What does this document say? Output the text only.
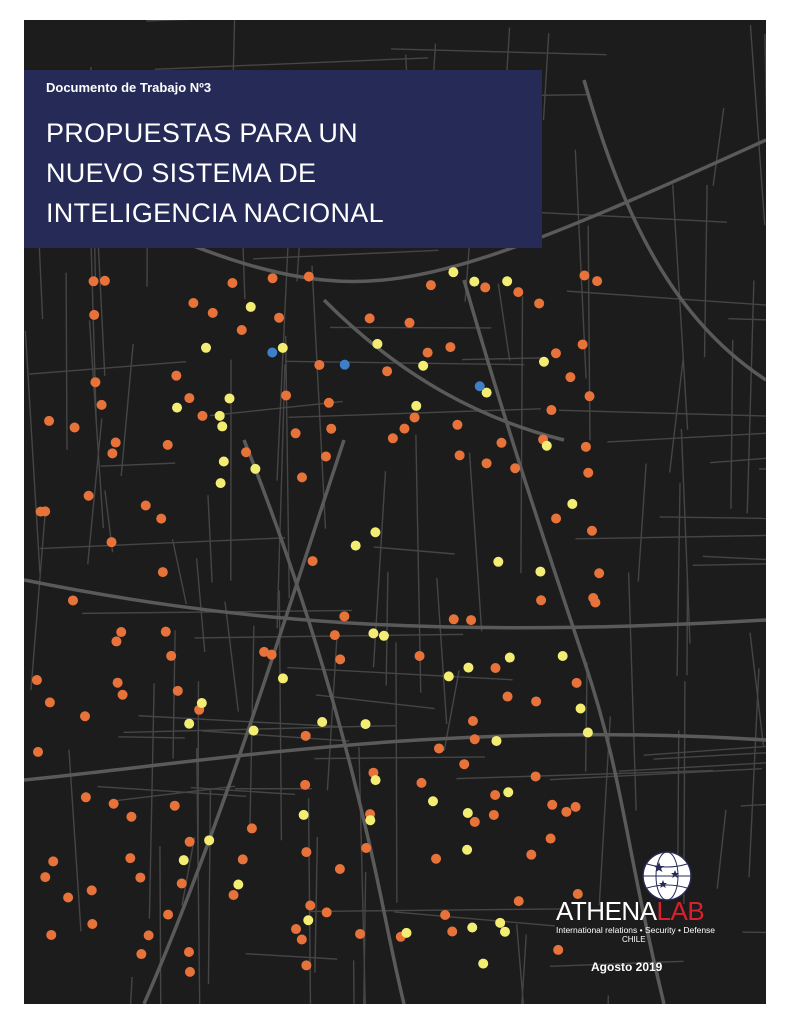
Documento de Trabajo Nº3
PROPUESTAS PARA UN
NUEVO SISTEMA DE
INTELIGENCIA NACIONAL
ATHENALAB
International relations • Security • Defense
CHILE
Agosto 2019
